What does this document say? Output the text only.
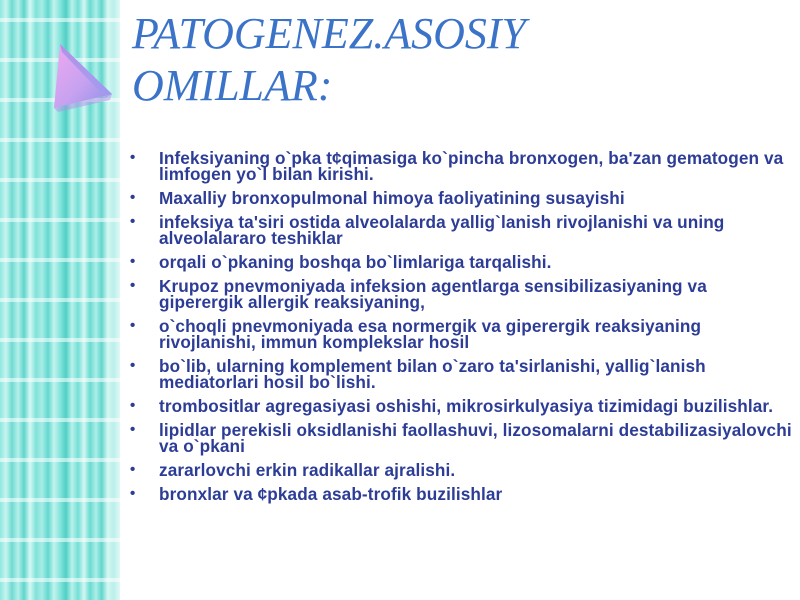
PATOGENEZ.ASOSIY
OMILLAR:
• Infeksiyaning o`pka t¢qimasiga ko`pincha bronxogen, ba'zan gematogen va limfogen yo`l bilan kirishi.
• Maxalliy bronxopulmonal himoya faoliyatining susayishi
• infeksiya ta'siri ostida alveolalarda yallig`lanish rivojlanishi va uning alveolalararo teshiklar
• orqali o`pkaning boshqa bo`limlariga tarqalishi.
• Krupoz pnevmoniyada infeksion agentlarga sensibilizasiyaning va giperergik allergik reaksiyaning,
• o`choqli pnevmoniyada esa normergik va giperergik reaksiyaning rivojlanishi, immun komplekslar hosil
• bo`lib, ularning komplement bilan o`zaro ta'sirlanishi, yallig`lanish mediatorlari hosil bo`lishi.
• trombositlar agregasiyasi oshishi, mikrosirkulyasiya tizimidagi buzilishlar.
• lipidlar perekisli oksidlanishi faollashuvi, lizosomalarni destabilizasiyalovchi va o`pkani
• zararlovchi erkin radikallar ajralishi.
• bronxlar va ¢pkada asab-trofik buzilishlar
